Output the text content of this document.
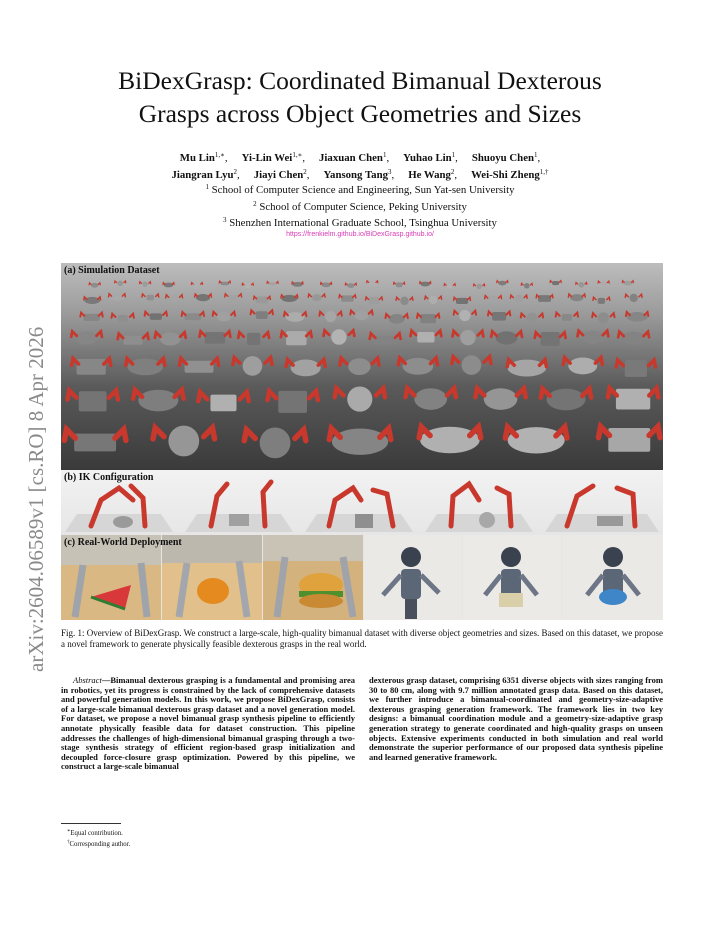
arXiv:2604.06589v1 [cs.RO] 8 Apr 2026
BiDexGrasp: Coordinated Bimanual Dexterous
Grasps across Object Geometries and Sizes
Mu Lin$^{1,∗}$, Yi-Lin Wei$^{1,∗}$, Jiaxuan Chen$^1$, Yuhao Lin$^1$, Shuoyu Chen$^1$,
Jiangran Lyu$^2$, Jiayi Chen$^2$, Yansong Tang$^3$, He Wang$^2$, Wei-Shi Zheng$^{1,\dagger}$
$^1$ School of Computer Science and Engineering, Sun Yat-sen University
$^2$ School of Computer Science, Peking University
$^3$ Shenzhen International Graduate School, Tsinghua University
https://frenkielm.github.io/BiDexGrasp.github.io/
(a) Simulation Dataset
(b) IK Configuration
(c) Real-World Deployment
Fig. 1: Overview of BiDexGrasp. We construct a large-scale, high-quality bimanual dataset with diverse object geometries and sizes. Based on this dataset, we propose a novel framework to generate physically feasible dexterous grasps in the real world.
Abstract—Bimanual dexterous grasping is a fundamental and promising area in robotics, yet its progress is constrained by the lack of comprehensive datasets and powerful generation models. In this work, we propose BiDexGrasp, consists of a large-scale bimanual dexterous grasp dataset and a novel generation model. For dataset, we propose a novel bimanual grasp synthesis pipeline to efficiently annotate physically feasible data for dataset construction. This pipeline addresses the challenges of high-dimensional bimanual grasping through a two-stage synthesis strategy of efficient region-based grasp initialization and decoupled force-closure grasp optimization. Powered by this pipeline, we construct a large-scale bimanual
dexterous grasp dataset, comprising 6351 diverse objects with sizes ranging from 30 to 80 cm, along with 9.7 million annotated grasp data. Based on this dataset, we further introduce a bimanual-coordinated and geometry-size-adaptive dexterous grasping generation framework. The framework lies in two key designs: a bimanual coordination module and a geometry-size-adaptive grasp generation strategy to generate coordinated and high-quality grasps on unseen objects. Extensive experiments conducted in both simulation and real world demonstrate the superior performance of our proposed data synthesis pipeline and learned generative framework.
∗Equal contribution.
†Corresponding author.
